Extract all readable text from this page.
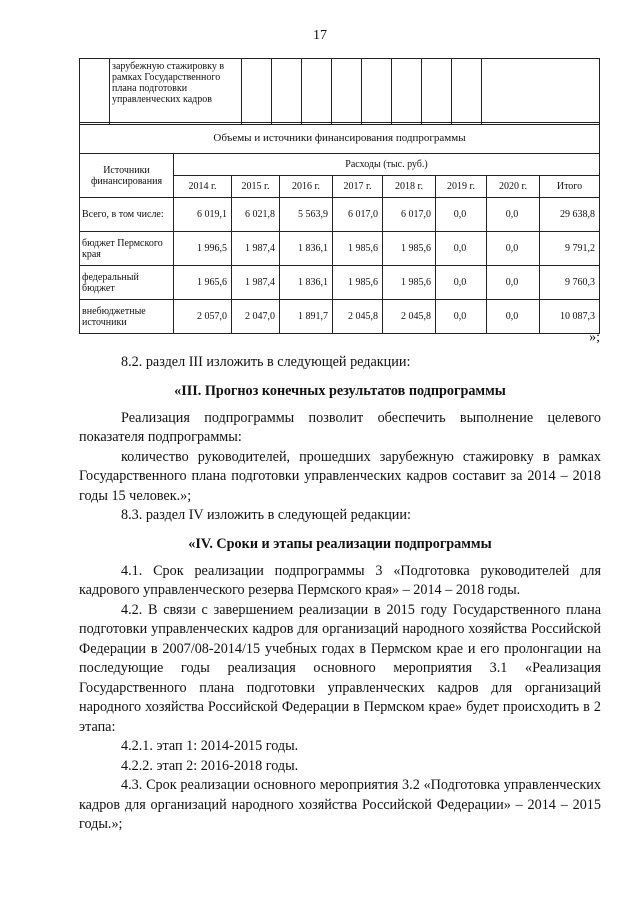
17
	зарубежную стажировку в рамках Государственного плана подготовки управленческих кадров									
Объемы и источники финансирования подпрограммы								
Источники финансирования	Расходы (тыс. руб.)							
	2014 г.	2015 г.	2016 г.	2017 г.	2018 г.	2019 г.	2020 г.	Итого
Всего, в том числе:	6 019,1	6 021,8	5 563,9	6 017,0	6 017,0	0,0	0,0	29 638,8
бюджет Пермского края	1 996,5	1 987,4	1 836,1	1 985,6	1 985,6	0,0	0,0	9 791,2
федеральный бюджет	1 965,6	1 987,4	1 836,1	1 985,6	1 985,6	0,0	0,0	9 760,3
внебюджетные источники	2 057,0	2 047,0	1 891,7	2 045,8	2 045,8	0,0	0,0	10 087,3
»;

8.2. раздел III изложить в следующей редакции:

«III. Прогноз конечных результатов подпрограммы

Реализация подпрограммы позволит обеспечить выполнение целевого показателя подпрограммы:

количество руководителей, прошедших зарубежную стажировку в рамках Государственного плана подготовки управленческих кадров составит за 2014 – 2018 годы 15 человек.»;

8.3. раздел IV изложить в следующей редакции:

«IV. Сроки и этапы реализации подпрограммы

4.1. Срок реализации подпрограммы 3 «Подготовка руководителей для кадрового управленческого резерва Пермского края» – 2014 – 2018 годы.

4.2. В связи с завершением реализации в 2015 году Государственного плана подготовки управленческих кадров для организаций народного хозяйства Российской Федерации в 2007/08-2014/15 учебных годах в Пермском крае и его пролонгации на последующие годы реализация основного мероприятия 3.1 «Реализация Государственного плана подготовки управленческих кадров для организаций народного хозяйства Российской Федерации в Пермском крае» будет происходить в 2 этапа:

4.2.1. этап 1: 2014-2015 годы.

4.2.2. этап 2: 2016-2018 годы.

4.3. Срок реализации основного мероприятия 3.2 «Подготовка управленческих кадров для организаций народного хозяйства Российской Федерации» – 2014 – 2015 годы.»;
